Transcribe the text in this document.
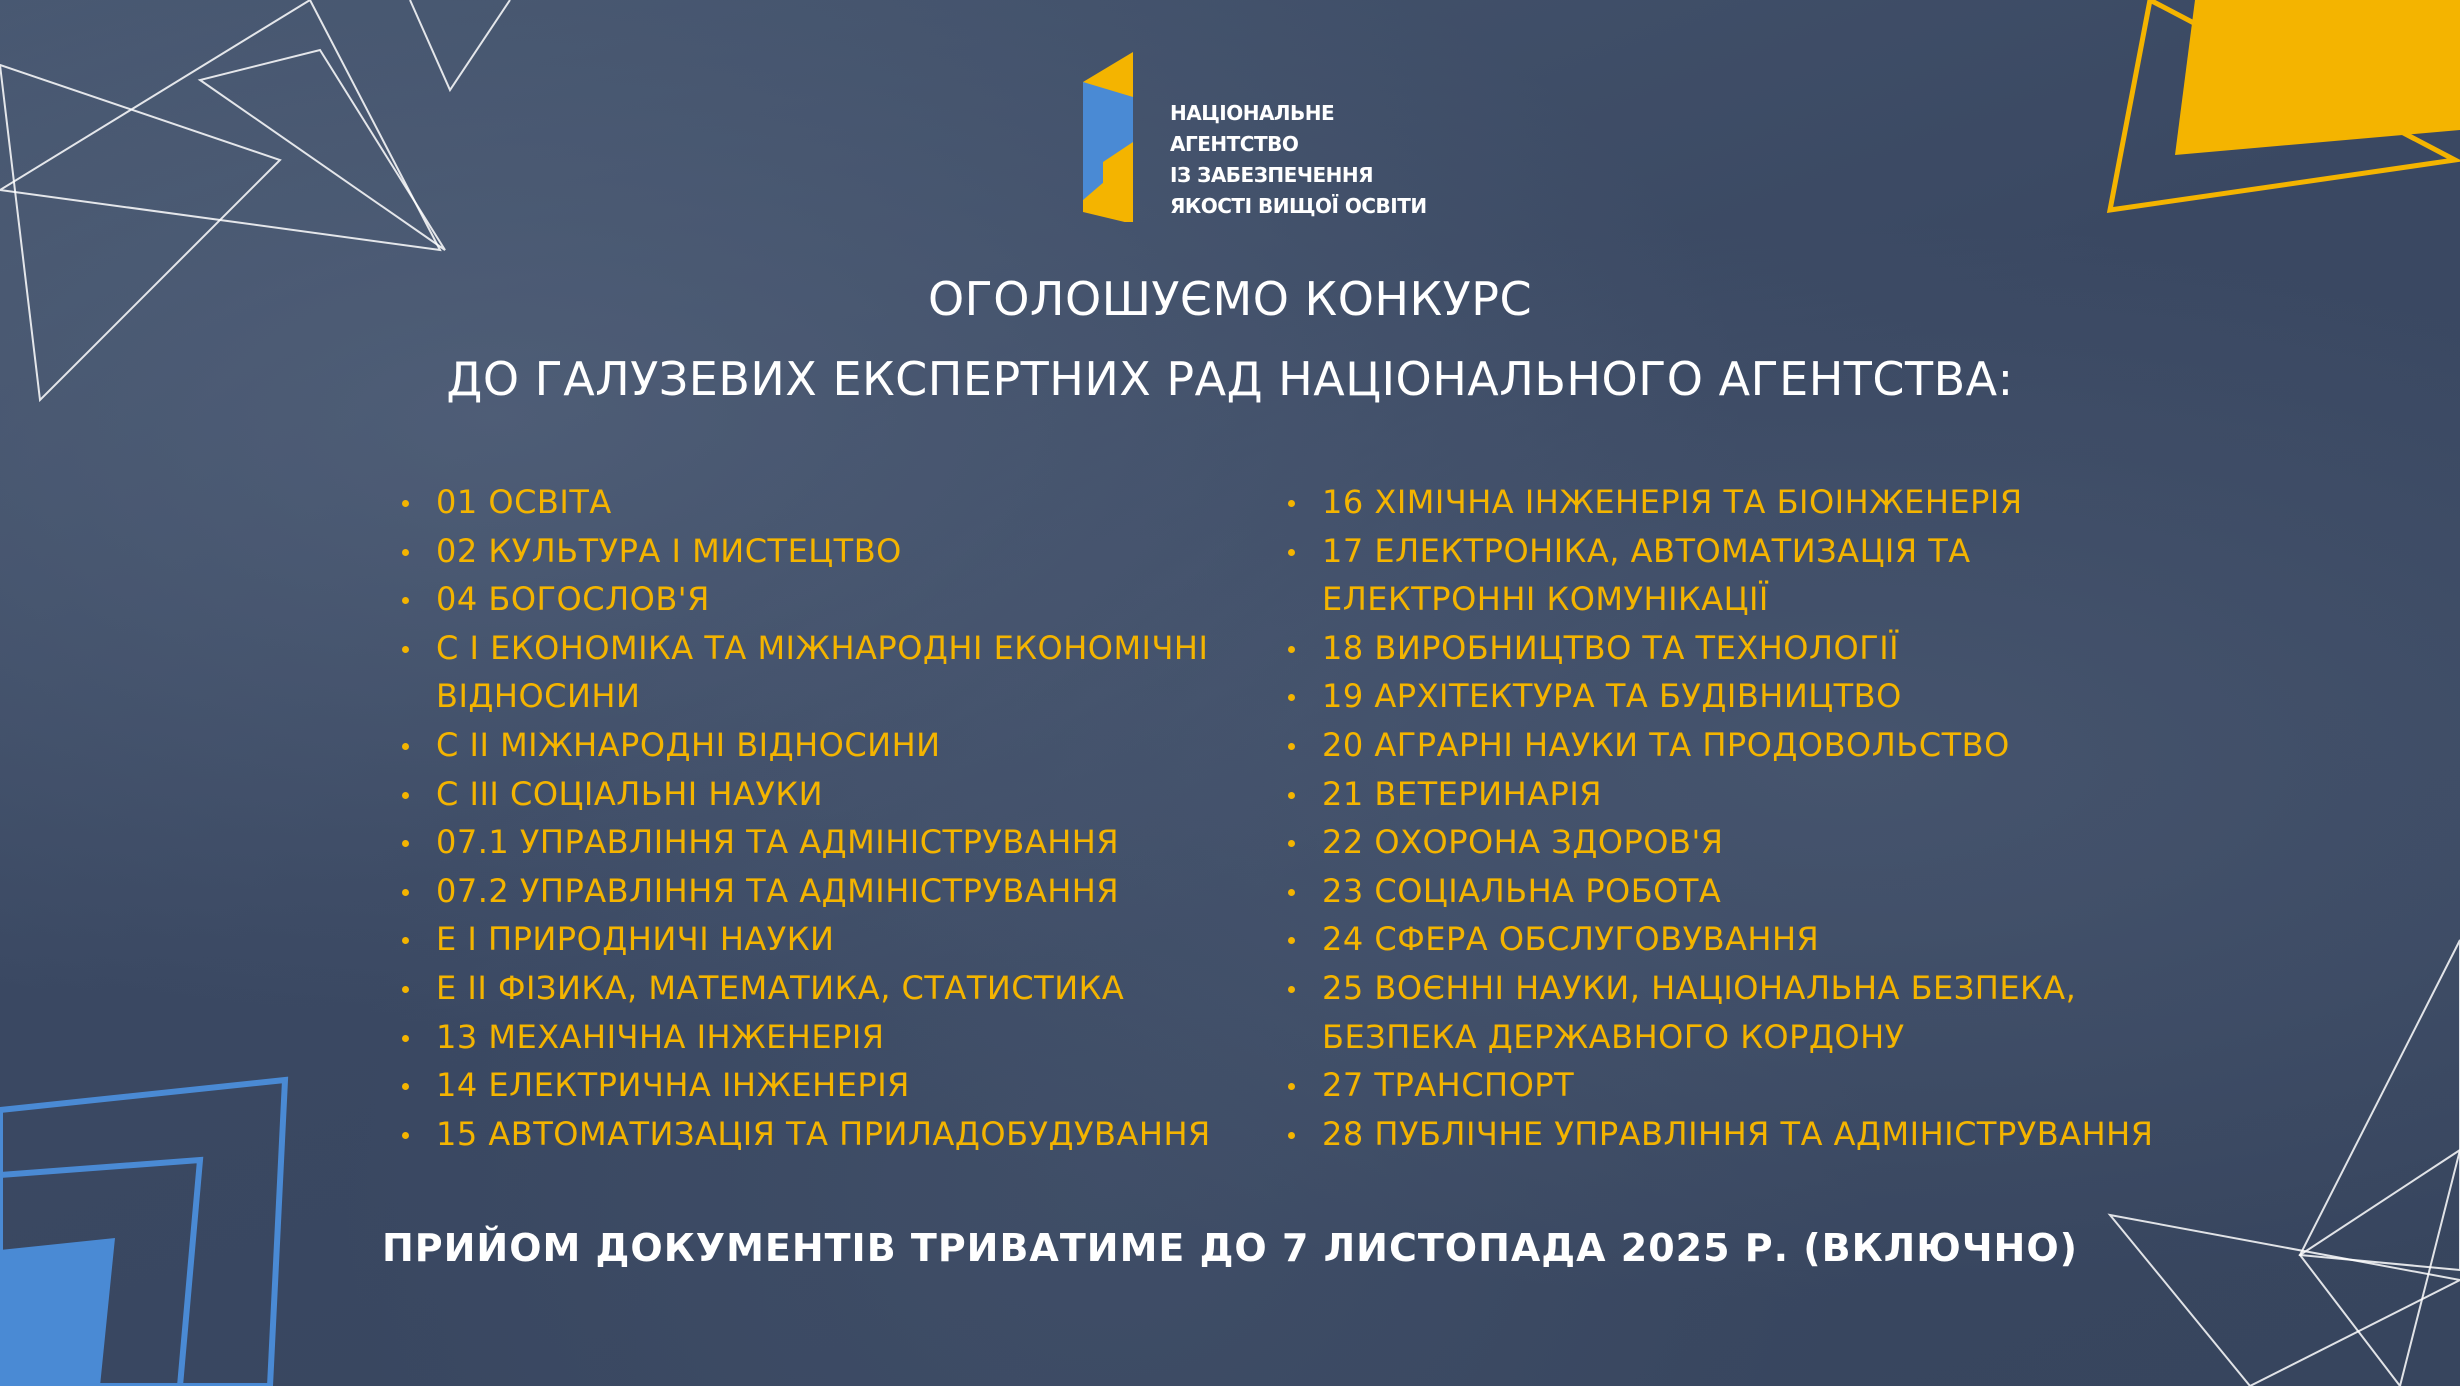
НАЦІОНАЛЬНЕ
АГЕНТСТВО
ІЗ ЗАБЕЗПЕЧЕННЯ
ЯКОСТІ ВИЩОЇ ОСВІТИ
ОГОЛОШУЄМО КОНКУРС
ДО ГАЛУЗЕВИХ ЕКСПЕРТНИХ РАД НАЦІОНАЛЬНОГО АГЕНТСТВА:
01 ОСВІТА
02 КУЛЬТУРА І МИСТЕЦТВО
04 БОГОСЛОВ'Я
C I ЕКОНОМІКА ТА МІЖНАРОДНІ ЕКОНОМІЧНІ
ВІДНОСИНИ
C II МІЖНАРОДНІ ВІДНОСИНИ
C III СОЦІАЛЬНІ НАУКИ
07.1 УПРАВЛІННЯ ТА АДМІНІСТРУВАННЯ
07.2 УПРАВЛІННЯ ТА АДМІНІСТРУВАННЯ
E I ПРИРОДНИЧІ НАУКИ
E II ФІЗИКА, МАТЕМАТИКА, СТАТИСТИКА
13 МЕХАНІЧНА ІНЖЕНЕРІЯ
14 ЕЛЕКТРИЧНА ІНЖЕНЕРІЯ
15 АВТОМАТИЗАЦІЯ ТА ПРИЛАДОБУДУВАННЯ
16 ХІМІЧНА ІНЖЕНЕРІЯ ТА БІОІНЖЕНЕРІЯ
17 ЕЛЕКТРОНІКА, АВТОМАТИЗАЦІЯ ТА
ЕЛЕКТРОННІ КОМУНІКАЦІЇ
18 ВИРОБНИЦТВО ТА ТЕХНОЛОГІЇ
19 АРХІТЕКТУРА ТА БУДІВНИЦТВО
20 АГРАРНІ НАУКИ ТА ПРОДОВОЛЬСТВО
21 ВЕТЕРИНАРІЯ
22 ОХОРОНА ЗДОРОВ'Я
23 СОЦІАЛЬНА РОБОТА
24 СФЕРА ОБСЛУГОВУВАННЯ
25 ВОЄННІ НАУКИ, НАЦІОНАЛЬНА БЕЗПЕКА,
БЕЗПЕКА ДЕРЖАВНОГО КОРДОНУ
27 ТРАНСПОРТ
28 ПУБЛІЧНЕ УПРАВЛІННЯ ТА АДМІНІСТРУВАННЯ
ПРИЙОМ ДОКУМЕНТІВ ТРИВАТИМЕ ДО 7 ЛИСТОПАДА 2025 Р. (ВКЛЮЧНО)
